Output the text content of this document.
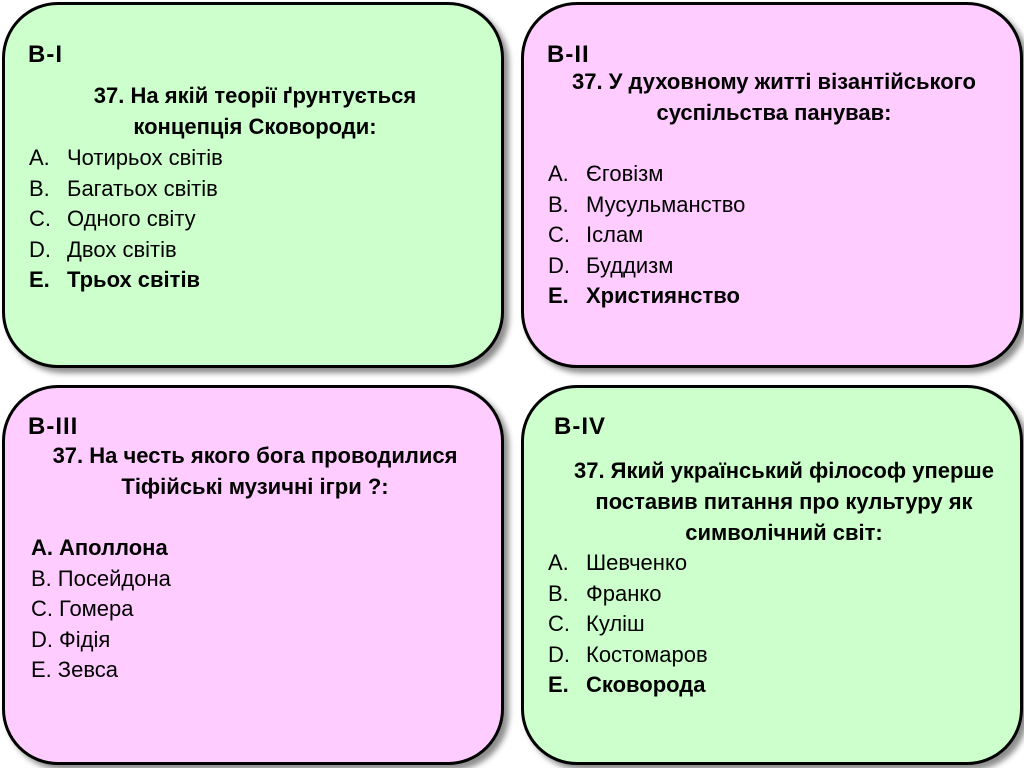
В-I

37. На якій теорії ґрунтується концепція Сковороди:

A. Чотирьох світів
B. Багатьох світів
C. Одного світу
D. Двох світів
E. Трьох світів

В-II

37. У духовному житті візантійського суспільства панував:

A. Єговізм
B. Мусульманство
C. Іслам
D. Буддизм
E. Християнство

В-III

37. На честь якого бога проводилися Тіфійські музичні ігри ?:

A. Аполлона
B. Посейдона
C. Гомера
D. Фідія
E. Зевса

В-IV

37. Який український філософ уперше поставив питання про культуру як символічний світ:

A. Шевченко
B. Франко
C. Куліш
D. Костомаров
E. Сковорода
